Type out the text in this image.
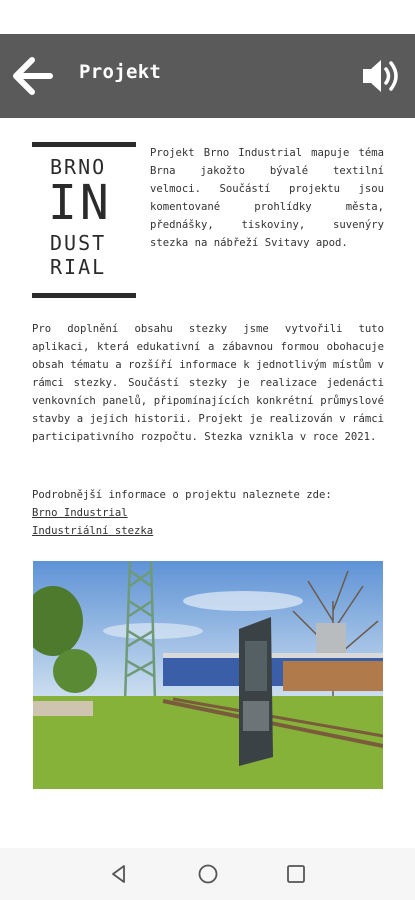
Projekt
BRNO
IN
DUST
RIAL
Projekt Brno Industrial mapuje téma Brna jakožto bývalé textilní velmoci. Součástí projektu jsou komentované prohlídky města, přednášky, tiskoviny, suvenýry stezka na nábřeží Svitavy apod.
Pro doplnění obsahu stezky jsme vytvořili tuto aplikaci, která edukativní a zábavnou formou obohacuje obsah tématu a rozšíří informace k jednotlivým místům v rámci stezky. Součástí stezky je realizace jedenácti venkovních panelů, připomínajících konkrétní průmyslové stavby a jejich historii. Projekt je realizován v rámci participativního rozpočtu. Stezka vznikla v roce 2021.
Podrobnější informace o projektu naleznete zde:
Brno Industrial
Industriální stezka
